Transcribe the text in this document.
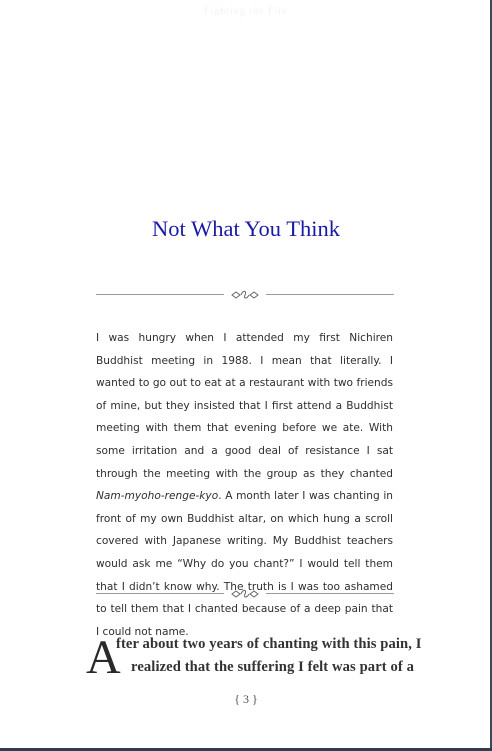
Fighting the Fire
Not What You Think

I was hungry when I attended my first Nichiren Buddhist meeting in 1988. I mean that literally. I wanted to go out to eat at a restaurant with two friends of mine, but they insisted that I first attend a Buddhist meeting with them that evening before we ate. With some irritation and a good deal of resistance I sat through the meeting with the group as they chanted Nam-myoho-renge-kyo. A month later I was chanting in front of my own Buddhist altar, on which hung a scroll covered with Japanese writing. My Buddhist teachers would ask me “Why do you chant?” I would tell them that I didn’t know why. The truth is I was too ashamed to tell them that I chanted because of a deep pain that I could not name.

A
fter about two years of chanting with this pain, I
realized that the suffering I felt was part of a
{ 3 }
